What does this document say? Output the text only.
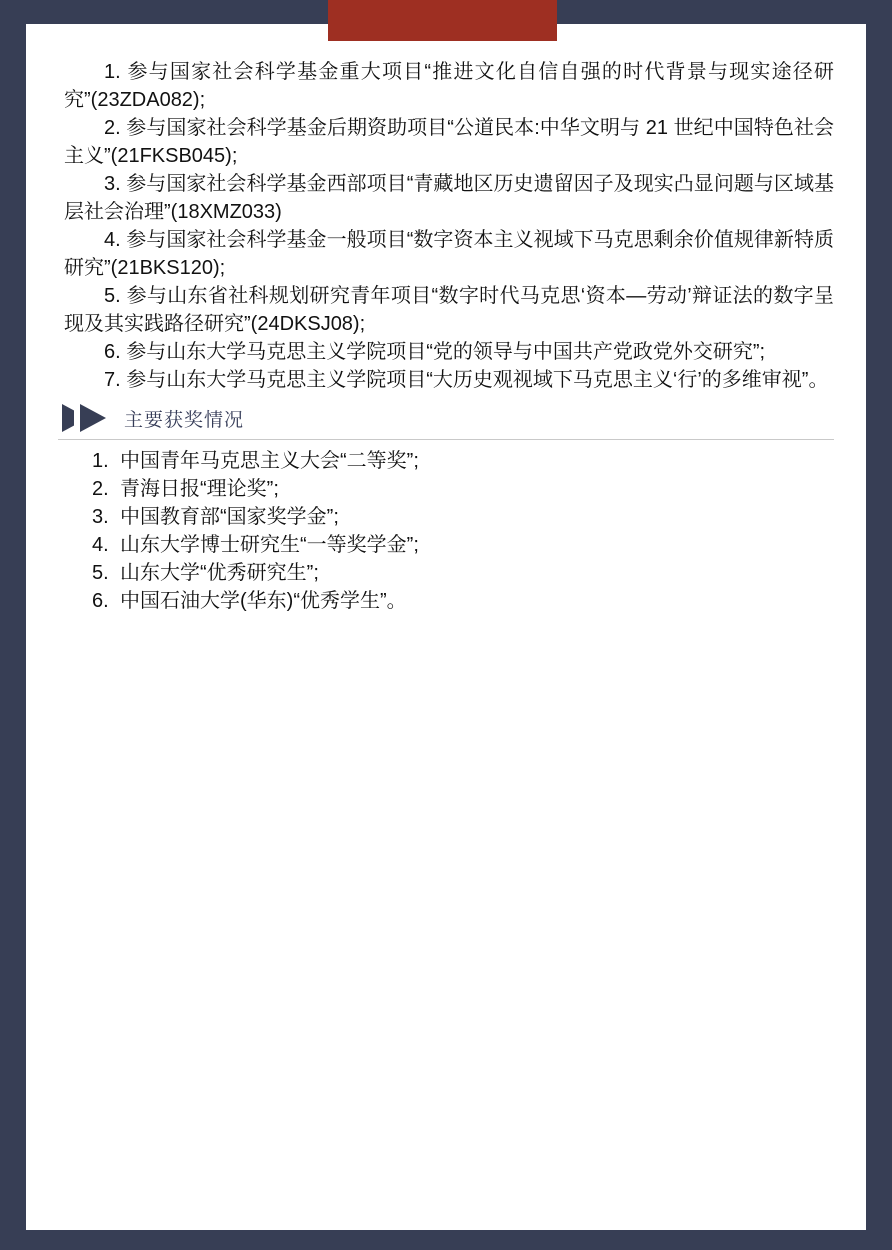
1. 参与国家社会科学基金重大项目“推进文化自信自强的时代背景与现实途径研究”(23ZDA082);

2. 参与国家社会科学基金后期资助项目“公道民本:中华文明与 21 世纪中国特色社会主义”(21FKSB045);

3. 参与国家社会科学基金西部项目“青藏地区历史遗留因子及现实凸显问题与区域基层社会治理”(18XMZ033)

4. 参与国家社会科学基金一般项目“数字资本主义视域下马克思剩余价值规律新特质研究”(21BKS120);

5. 参与山东省社科规划研究青年项目“数字时代马克思‘资本—劳动’辩证法的数字呈现及其实践路径研究”(24DKSJ08);

6. 参与山东大学马克思主义学院项目“党的领导与中国共产党政党外交研究”;

7. 参与山东大学马克思主义学院项目“大历史观视域下马克思主义‘行’的多维审视”。

主要获奖情况
1. 中国青年马克思主义大会“二等奖”;
2. 青海日报“理论奖”;
3. 中国教育部“国家奖学金”;
4. 山东大学博士研究生“一等奖学金”;
5. 山东大学“优秀研究生”;
6. 中国石油大学(华东)“优秀学生”。
